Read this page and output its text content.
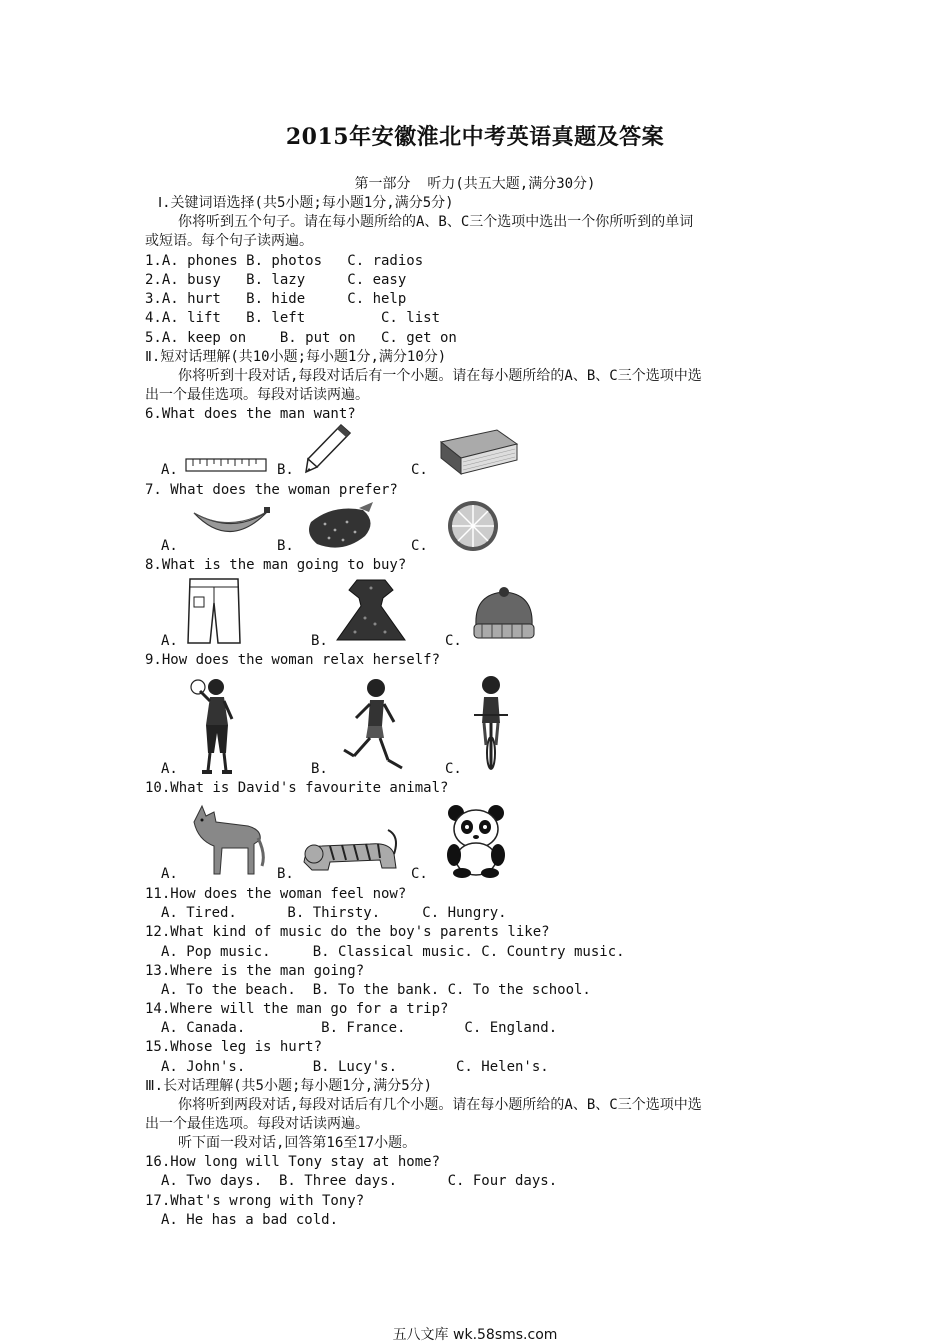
2015年安徽淮北中考英语真题及答案
第一部分  听力(共五大题,满分30分)
Ⅰ.关键词语选择(共5小题;每小题1分,满分5分)
你将听到五个句子。请在每小题所给的A、B、C三个选项中选出一个你所听到的单词
或短语。每个句子读两遍。
1.A. phones B. photos   C. radios
2.A. busy   B. lazy     C. easy
3.A. hurt   B. hide     C. help
4.A. lift   B. left         C. list
5.A. keep on    B. put on   C. get on
Ⅱ.短对话理解(共10小题;每小题1分,满分10分)
你将听到十段对话,每段对话后有一个小题。请在每小题所给的A、B、C三个选项中选
出一个最佳选项。每段对话读两遍。
6.What does the man want?
A.	B.	C.
7. What does the woman prefer?
A.	B.	C.
8.What is the man going to buy?
A.	B.	C.
9.How does the woman relax herself?
A.	B.	C.
10.What is David's favourite animal?
A.	B.	C.
11.How does the woman feel now?
A. Tired.      B. Thirsty.     C. Hungry.
12.What kind of music do the boy's parents like?
A. Pop music.     B. Classical music. C. Country music.
13.Where is the man going?
A. To the beach.  B. To the bank. C. To the school.
14.Where will the man go for a trip?
A. Canada.         B. France.       C. England.
15.Whose leg is hurt?
A. John's.        B. Lucy's.       C. Helen's.
Ⅲ.长对话理解(共5小题;每小题1分,满分5分)
你将听到两段对话,每段对话后有几个小题。请在每小题所给的A、B、C三个选项中选
出一个最佳选项。每段对话读两遍。
听下面一段对话,回答第16至17小题。
16.How long will Tony stay at home?
A. Two days.  B. Three days.      C. Four days.
17.What's wrong with Tony?
A. He has a bad cold.
五八文库 wk.58sms.com
